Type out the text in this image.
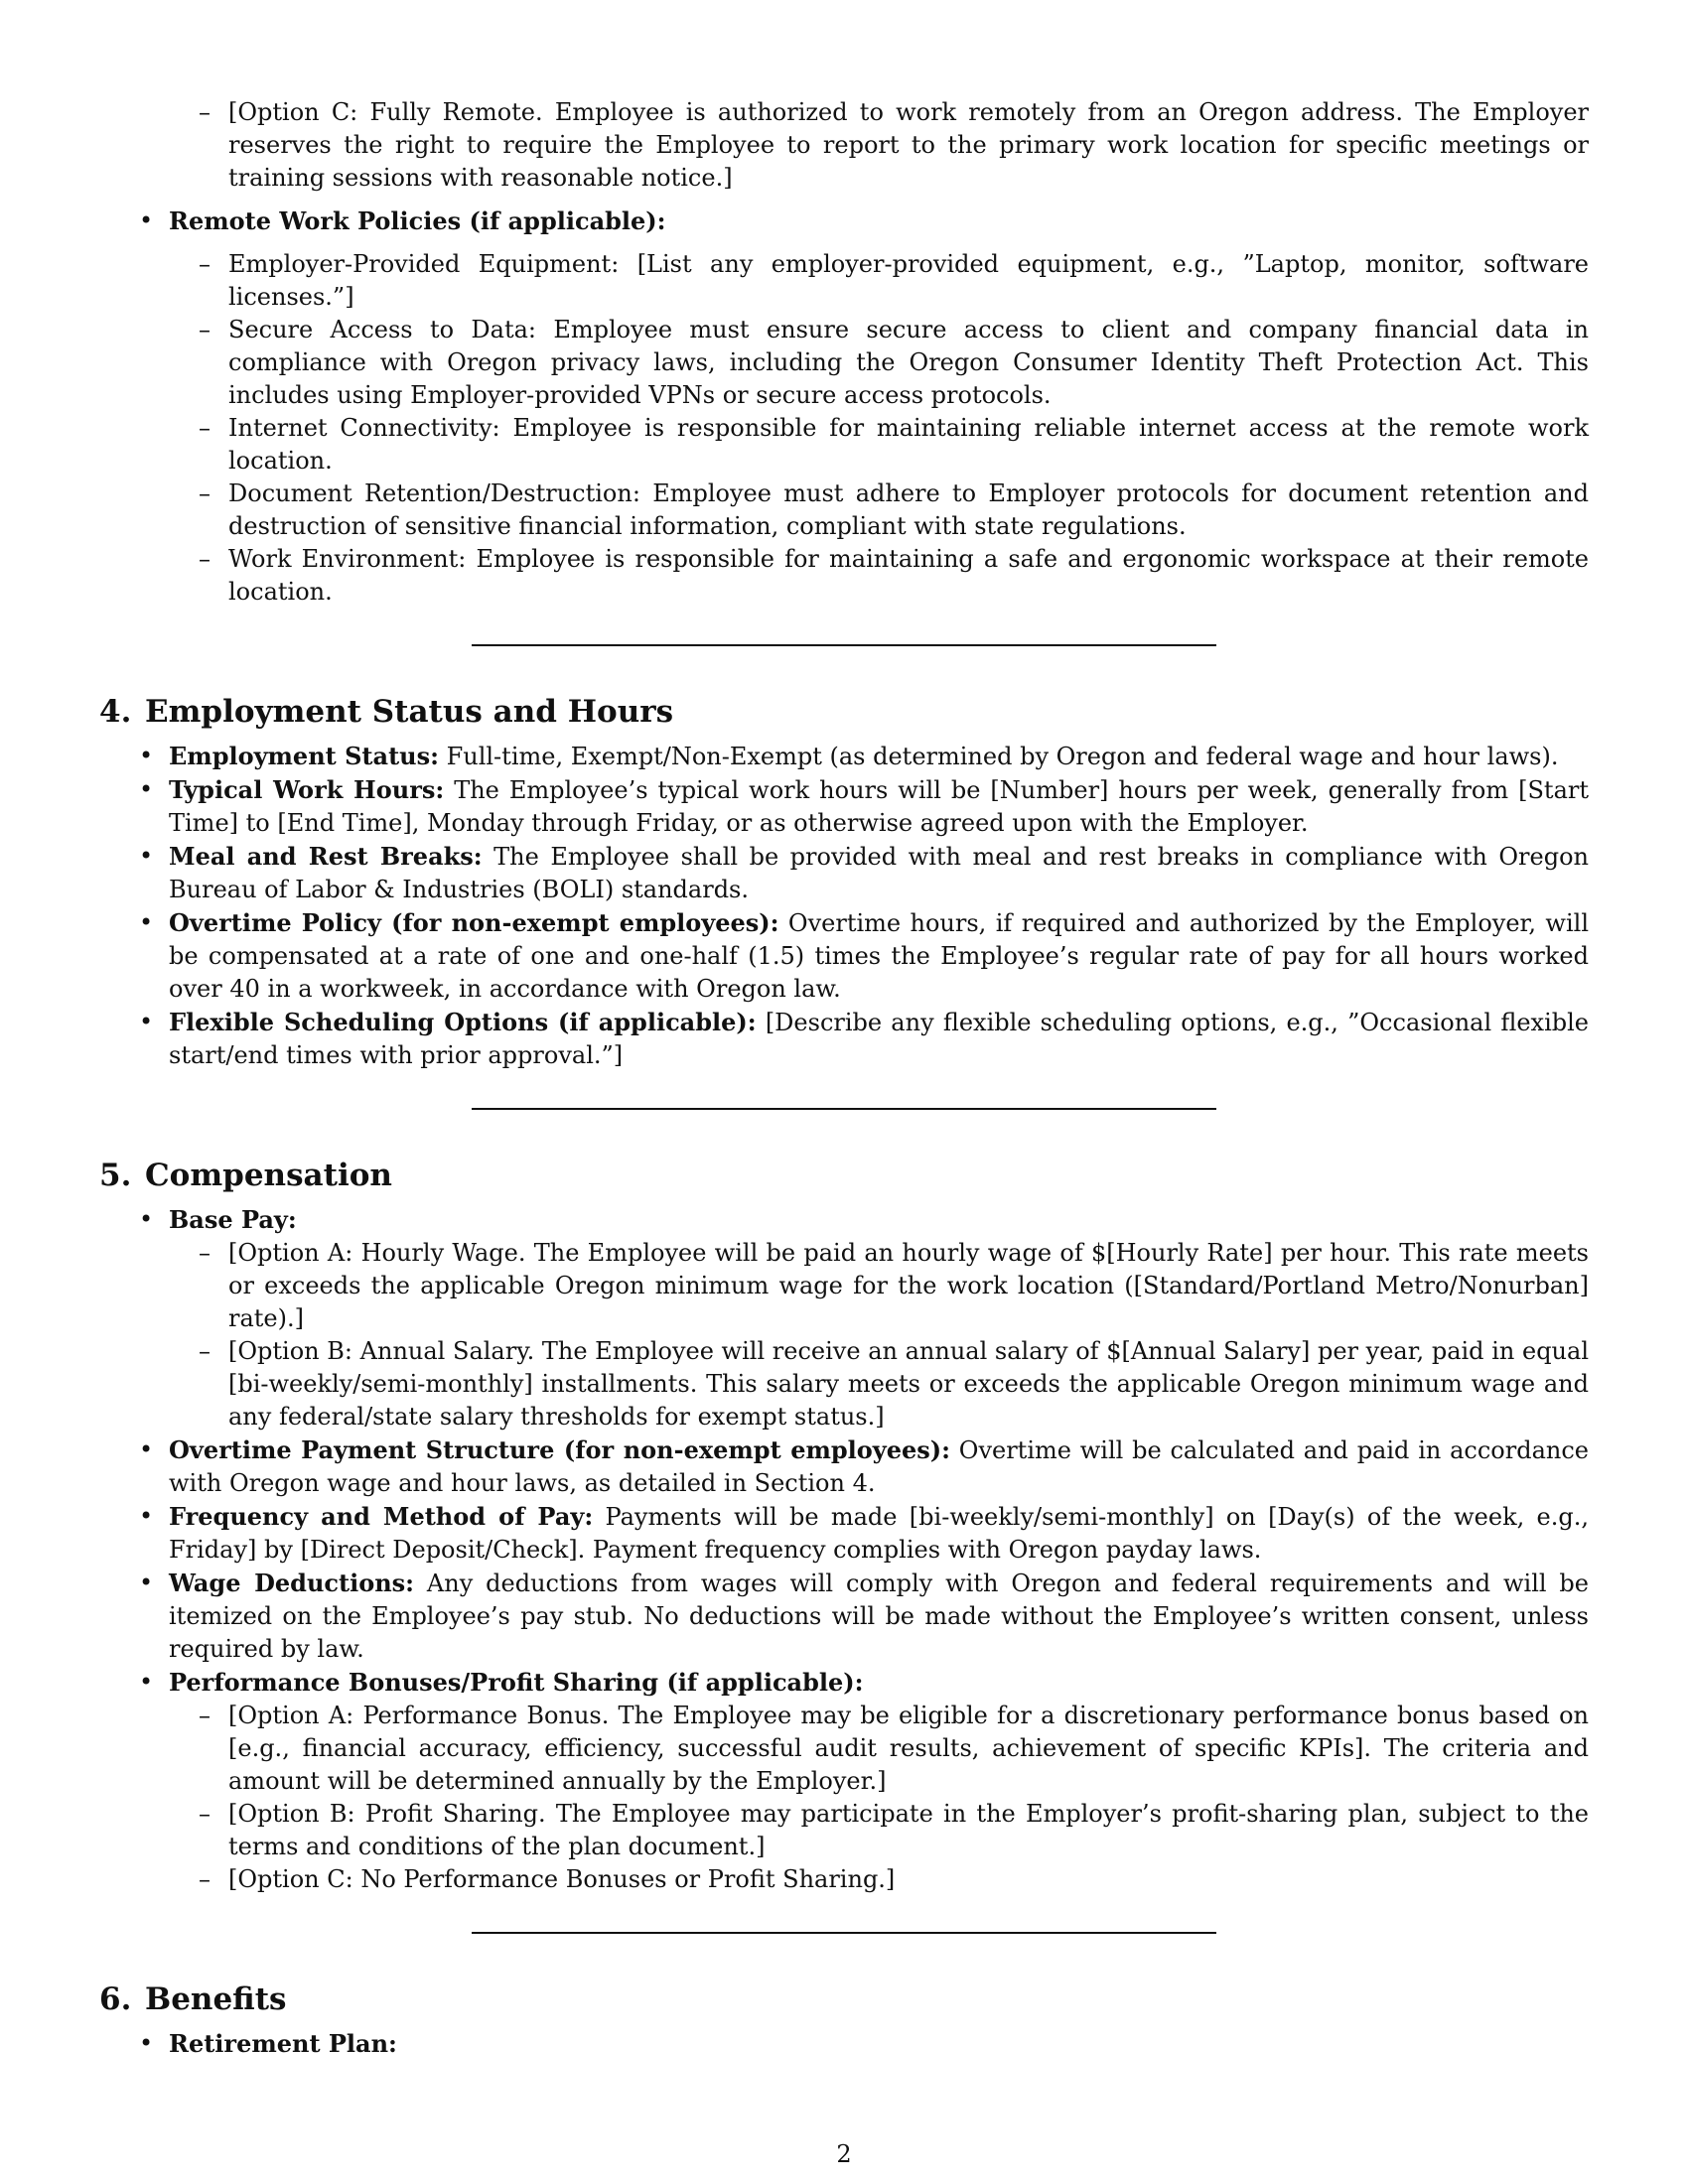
– [Option C: Fully Remote. Employee is authorized to work remotely from an Oregon address. The Employer reserves the right to require the Employee to report to the primary work location for specific meetings or training sessions with reasonable notice.]
• Remote Work Policies (if applicable):
– Employer-Provided Equipment: [List any employer-provided equipment, e.g., ”Laptop, monitor, software licenses.”]
– Secure Access to Data: Employee must ensure secure access to client and company financial data in compliance with Oregon privacy laws, including the Oregon Consumer Identity Theft Protection Act. This includes using Employer-provided VPNs or secure access protocols.
– Internet Connectivity: Employee is responsible for maintaining reliable internet access at the remote work location.
– Document Retention/Destruction: Employee must adhere to Employer protocols for document retention and destruction of sensitive financial information, compliant with state regulations.
– Work Environment: Employee is responsible for maintaining a safe and ergonomic workspace at their remote location.
4. Employment Status and Hours
• Employment Status: Full-time, Exempt/Non-Exempt (as determined by Oregon and federal wage and hour laws).
• Typical Work Hours: The Employee’s typical work hours will be [Number] hours per week, generally from [Start Time] to [End Time], Monday through Friday, or as otherwise agreed upon with the Employer.
• Meal and Rest Breaks: The Employee shall be provided with meal and rest breaks in compliance with Oregon Bureau of Labor & Industries (BOLI) standards.
• Overtime Policy (for non-exempt employees): Overtime hours, if required and authorized by the Employer, will be compensated at a rate of one and one-half (1.5) times the Employee’s regular rate of pay for all hours worked over 40 in a workweek, in accordance with Oregon law.
• Flexible Scheduling Options (if applicable): [Describe any flexible scheduling options, e.g., ”Occasional flexible start/end times with prior approval.”]
5. Compensation
• Base Pay:
– [Option A: Hourly Wage. The Employee will be paid an hourly wage of $[Hourly Rate] per hour. This rate meets or exceeds the applicable Oregon minimum wage for the work location ([Standard/Portland Metro/Nonurban] rate).]
– [Option B: Annual Salary. The Employee will receive an annual salary of $[Annual Salary] per year, paid in equal [bi-weekly/semi-monthly] installments. This salary meets or exceeds the applicable Oregon minimum wage and any federal/state salary thresholds for exempt status.]
• Overtime Payment Structure (for non-exempt employees): Overtime will be calculated and paid in accordance with Oregon wage and hour laws, as detailed in Section 4.
• Frequency and Method of Pay: Payments will be made [bi-weekly/semi-monthly] on [Day(s) of the week, e.g., Friday] by [Direct Deposit/Check]. Payment frequency complies with Oregon payday laws.
• Wage Deductions: Any deductions from wages will comply with Oregon and federal requirements and will be itemized on the Employee’s pay stub. No deductions will be made without the Employee’s written consent, unless required by law.
• Performance Bonuses/Profit Sharing (if applicable):
– [Option A: Performance Bonus. The Employee may be eligible for a discretionary performance bonus based on [e.g., financial accuracy, efficiency, successful audit results, achievement of specific KPIs]. The criteria and amount will be determined annually by the Employer.]
– [Option B: Profit Sharing. The Employee may participate in the Employer’s profit-sharing plan, subject to the terms and conditions of the plan document.]
– [Option C: No Performance Bonuses or Profit Sharing.]
6. Benefits
• Retirement Plan:
2
